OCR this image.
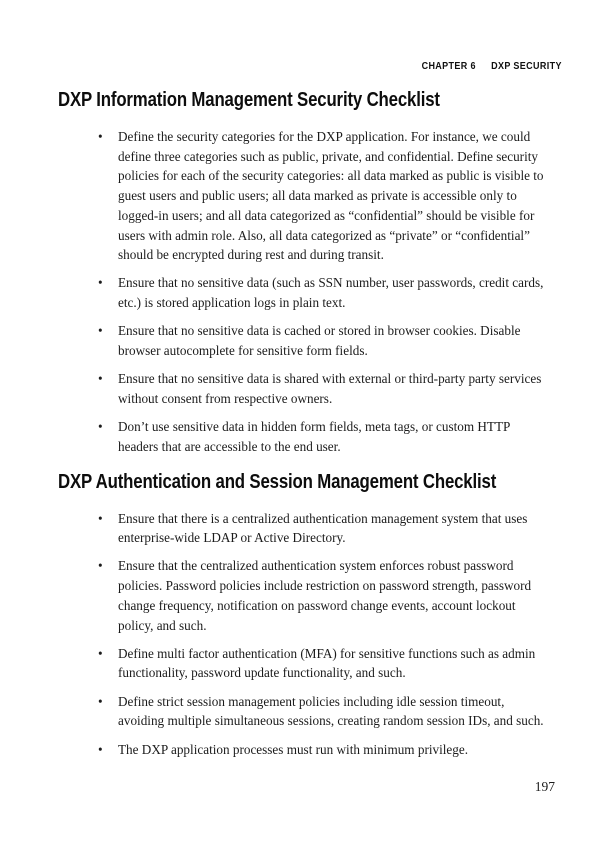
CHAPTER 6 DXP SECURITY
DXP Information Management Security Checklist
• Define the security categories for the DXP application. For instance, we could define three categories such as public, private, and confidential. Define security policies for each of the security categories: all data marked as public is visible to guest users and public users; all data marked as private is accessible only to logged-in users; and all data categorized as “confidential” should be visible for users with admin role. Also, all data categorized as “private” or “confidential” should be encrypted during rest and during transit.
• Ensure that no sensitive data (such as SSN number, user passwords, credit cards, etc.) is stored application logs in plain text.
• Ensure that no sensitive data is cached or stored in browser cookies. Disable browser autocomplete for sensitive form fields.
• Ensure that no sensitive data is shared with external or third-party party services without consent from respective owners.
• Don’t use sensitive data in hidden form fields, meta tags, or custom HTTP headers that are accessible to the end user.
DXP Authentication and Session Management Checklist
• Ensure that there is a centralized authentication management system that uses enterprise-wide LDAP or Active Directory.
• Ensure that the centralized authentication system enforces robust password policies. Password policies include restriction on password strength, password change frequency, notification on password change events, account lockout policy, and such.
• Define multi factor authentication (MFA) for sensitive functions such as admin functionality, password update functionality, and such.
• Define strict session management policies including idle session timeout, avoiding multiple simultaneous sessions, creating random session IDs, and such.
• The DXP application processes must run with minimum privilege.
197
